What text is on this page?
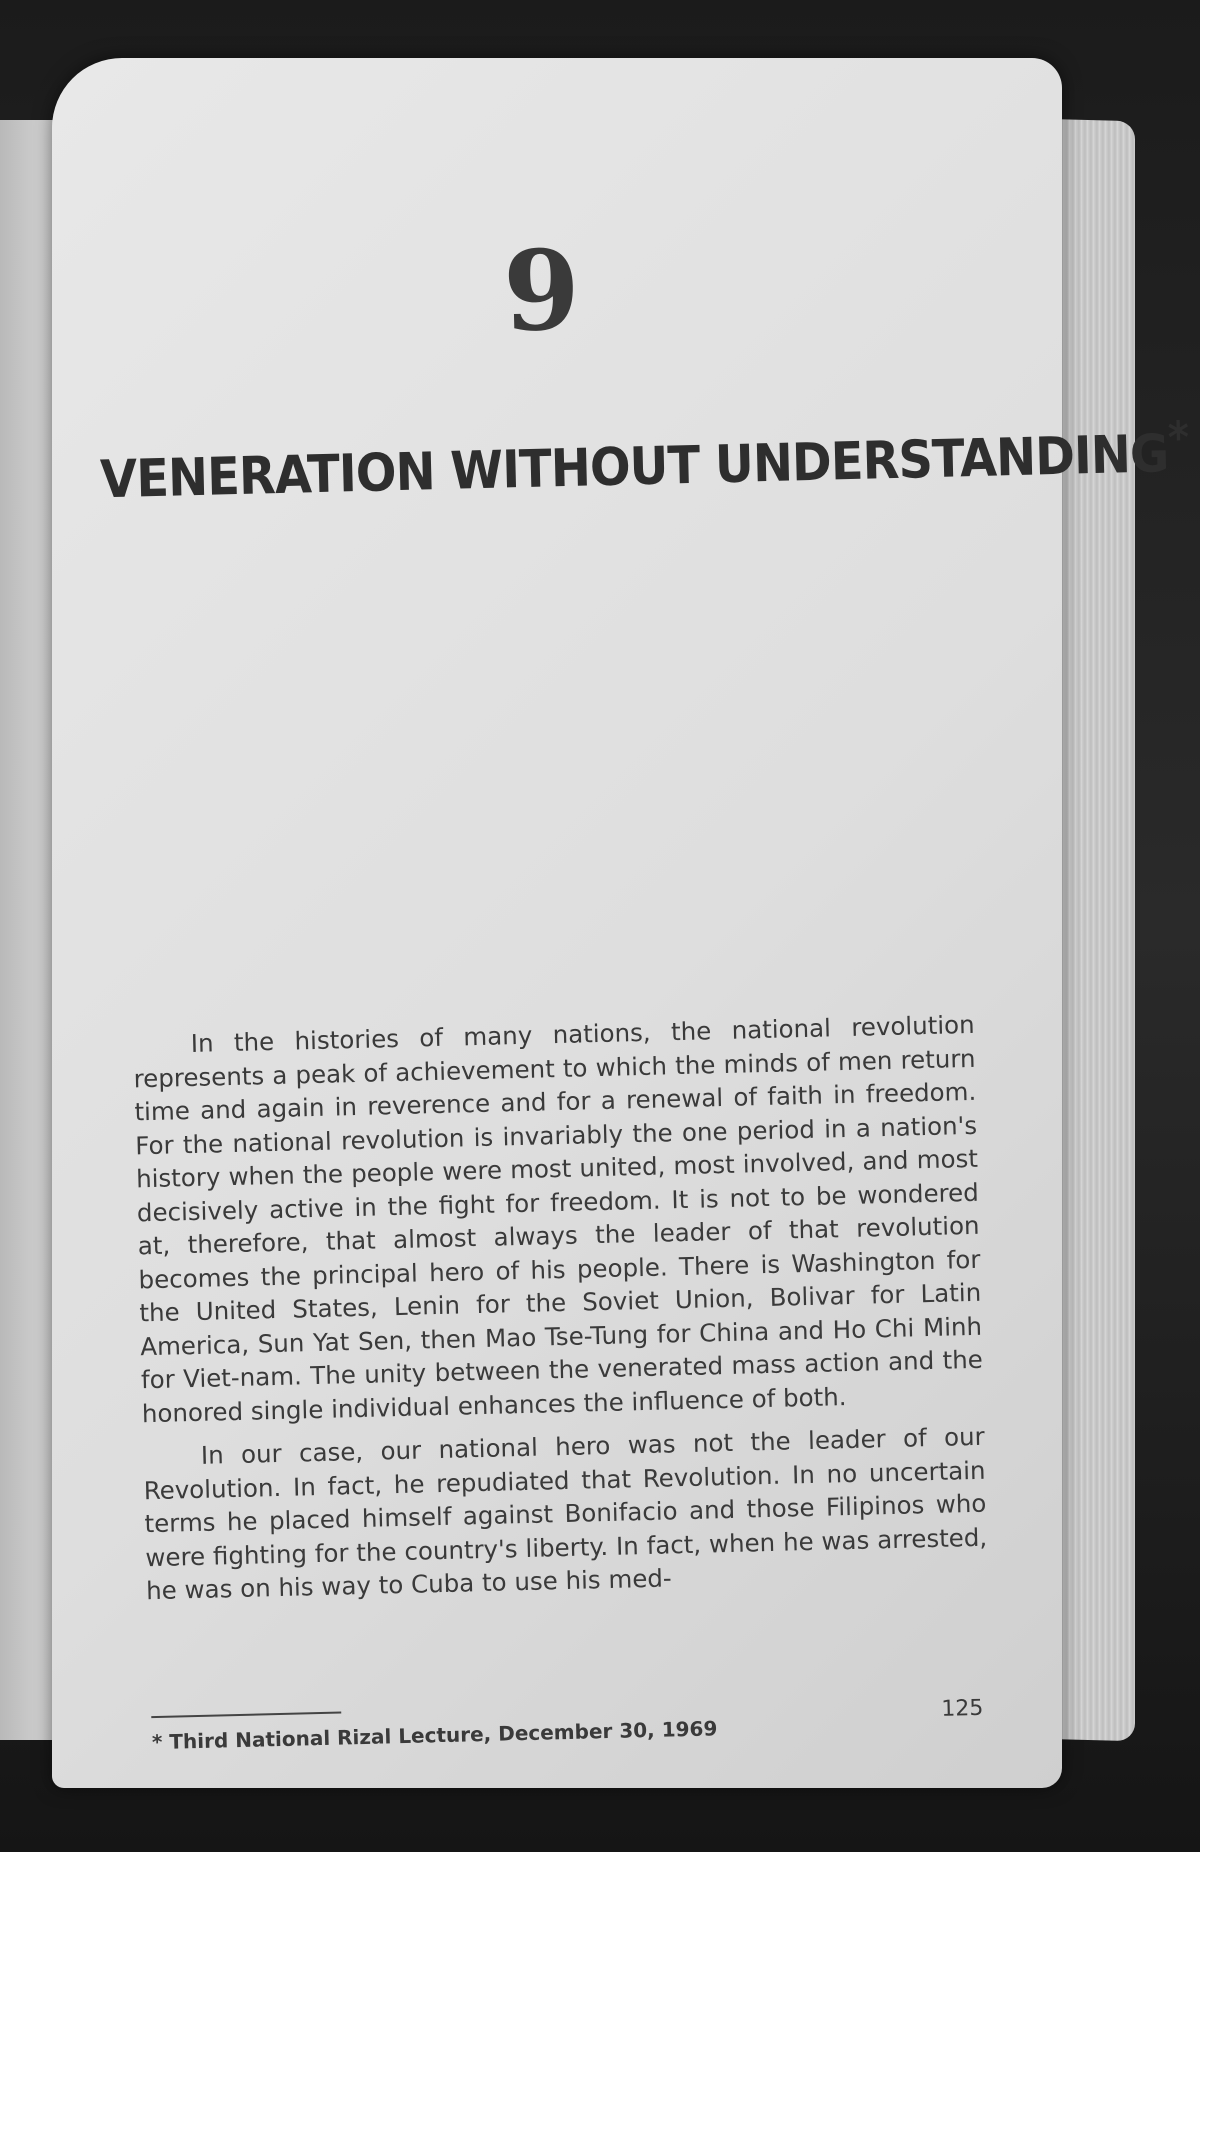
9
VENERATION WITHOUT UNDERSTANDING*

In the histories of many nations, the national revolution represents a peak of achievement to which the minds of men return time and again in reverence and for a renewal of faith in freedom. For the national revolution is invariably the one period in a nation's history when the people were most united, most involved, and most decisively active in the fight for freedom. It is not to be wondered at, therefore, that almost always the leader of that revolution becomes the principal hero of his people. There is Washington for the United States, Lenin for the Soviet Union, Bolivar for Latin America, Sun Yat Sen, then Mao Tse-Tung for China and Ho Chi Minh for Viet-nam. The unity between the venerated mass action and the honored single individual enhances the influence of both.

In our case, our national hero was not the leader of our Revolution. In fact, he repudiated that Revolution. In no uncertain terms he placed himself against Bonifacio and those Filipinos who were fighting for the country's liberty. In fact, when he was arrested, he was on his way to Cuba to use his med-

* Third National Rizal Lecture, December 30, 1969
125
